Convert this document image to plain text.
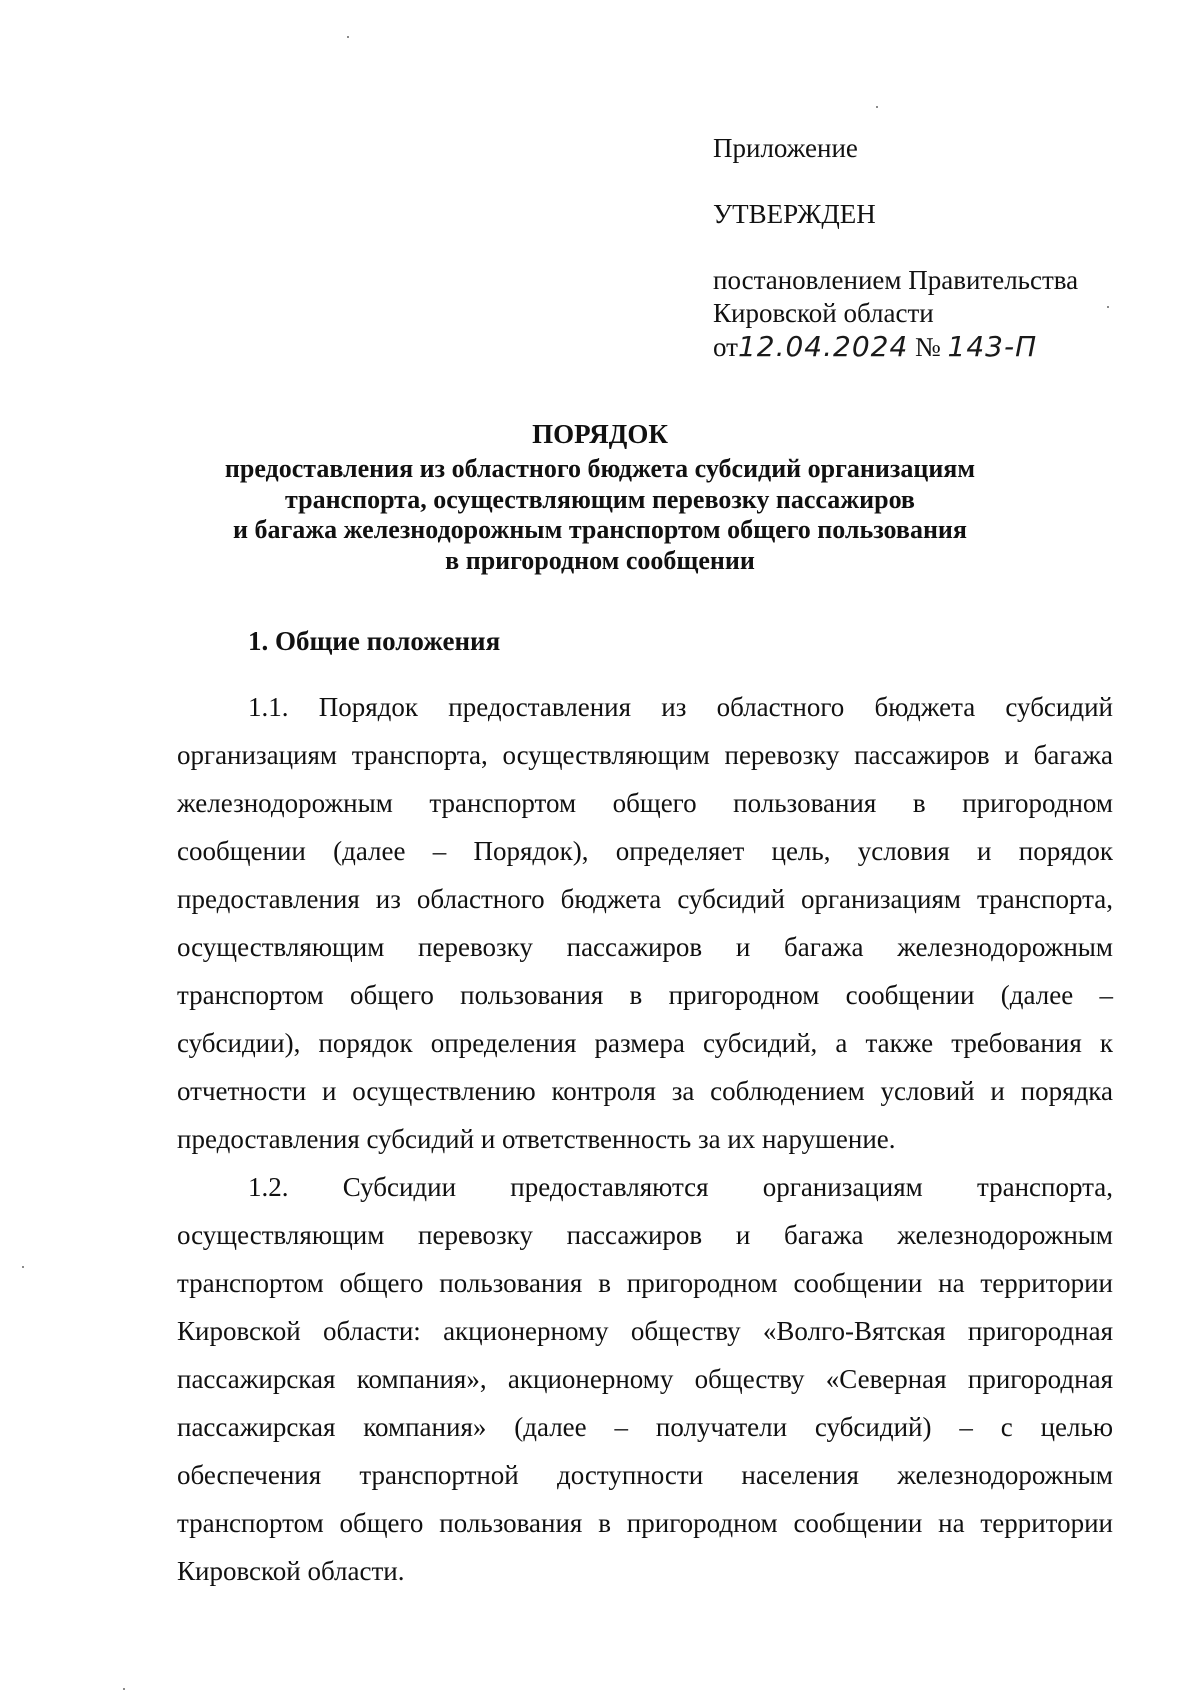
Приложение
УТВЕРЖДЕН
постановлением Правительства
Кировской области
от12.04.2024 № 143-П
ПОРЯДОК
предоставления из областного бюджета субсидий организациям
транспорта, осуществляющим перевозку пассажиров
и багажа железнодорожным транспортом общего пользования
в пригородном сообщении
1. Общие положения
1.1. Порядок предоставления из областного бюджета субсидий
организациям транспорта, осуществляющим перевозку пассажиров и багажа
железнодорожным транспортом общего пользования в пригородном
сообщении (далее – Порядок), определяет цель, условия и порядок
предоставления из областного бюджета субсидий организациям транспорта,
осуществляющим перевозку пассажиров и багажа железнодорожным
транспортом общего пользования в пригородном сообщении (далее –
субсидии), порядок определения размера субсидий, а также требования к
отчетности и осуществлению контроля за соблюдением условий и порядка
предоставления субсидий и ответственность за их нарушение.
1.2. Субсидии предоставляются организациям транспорта,
осуществляющим перевозку пассажиров и багажа железнодорожным
транспортом общего пользования в пригородном сообщении на территории
Кировской области: акционерному обществу «Волго-Вятская пригородная
пассажирская компания», акционерному обществу «Северная пригородная
пассажирская компания» (далее – получатели субсидий) – с целью
обеспечения транспортной доступности населения железнодорожным
транспортом общего пользования в пригородном сообщении на территории
Кировской области.
